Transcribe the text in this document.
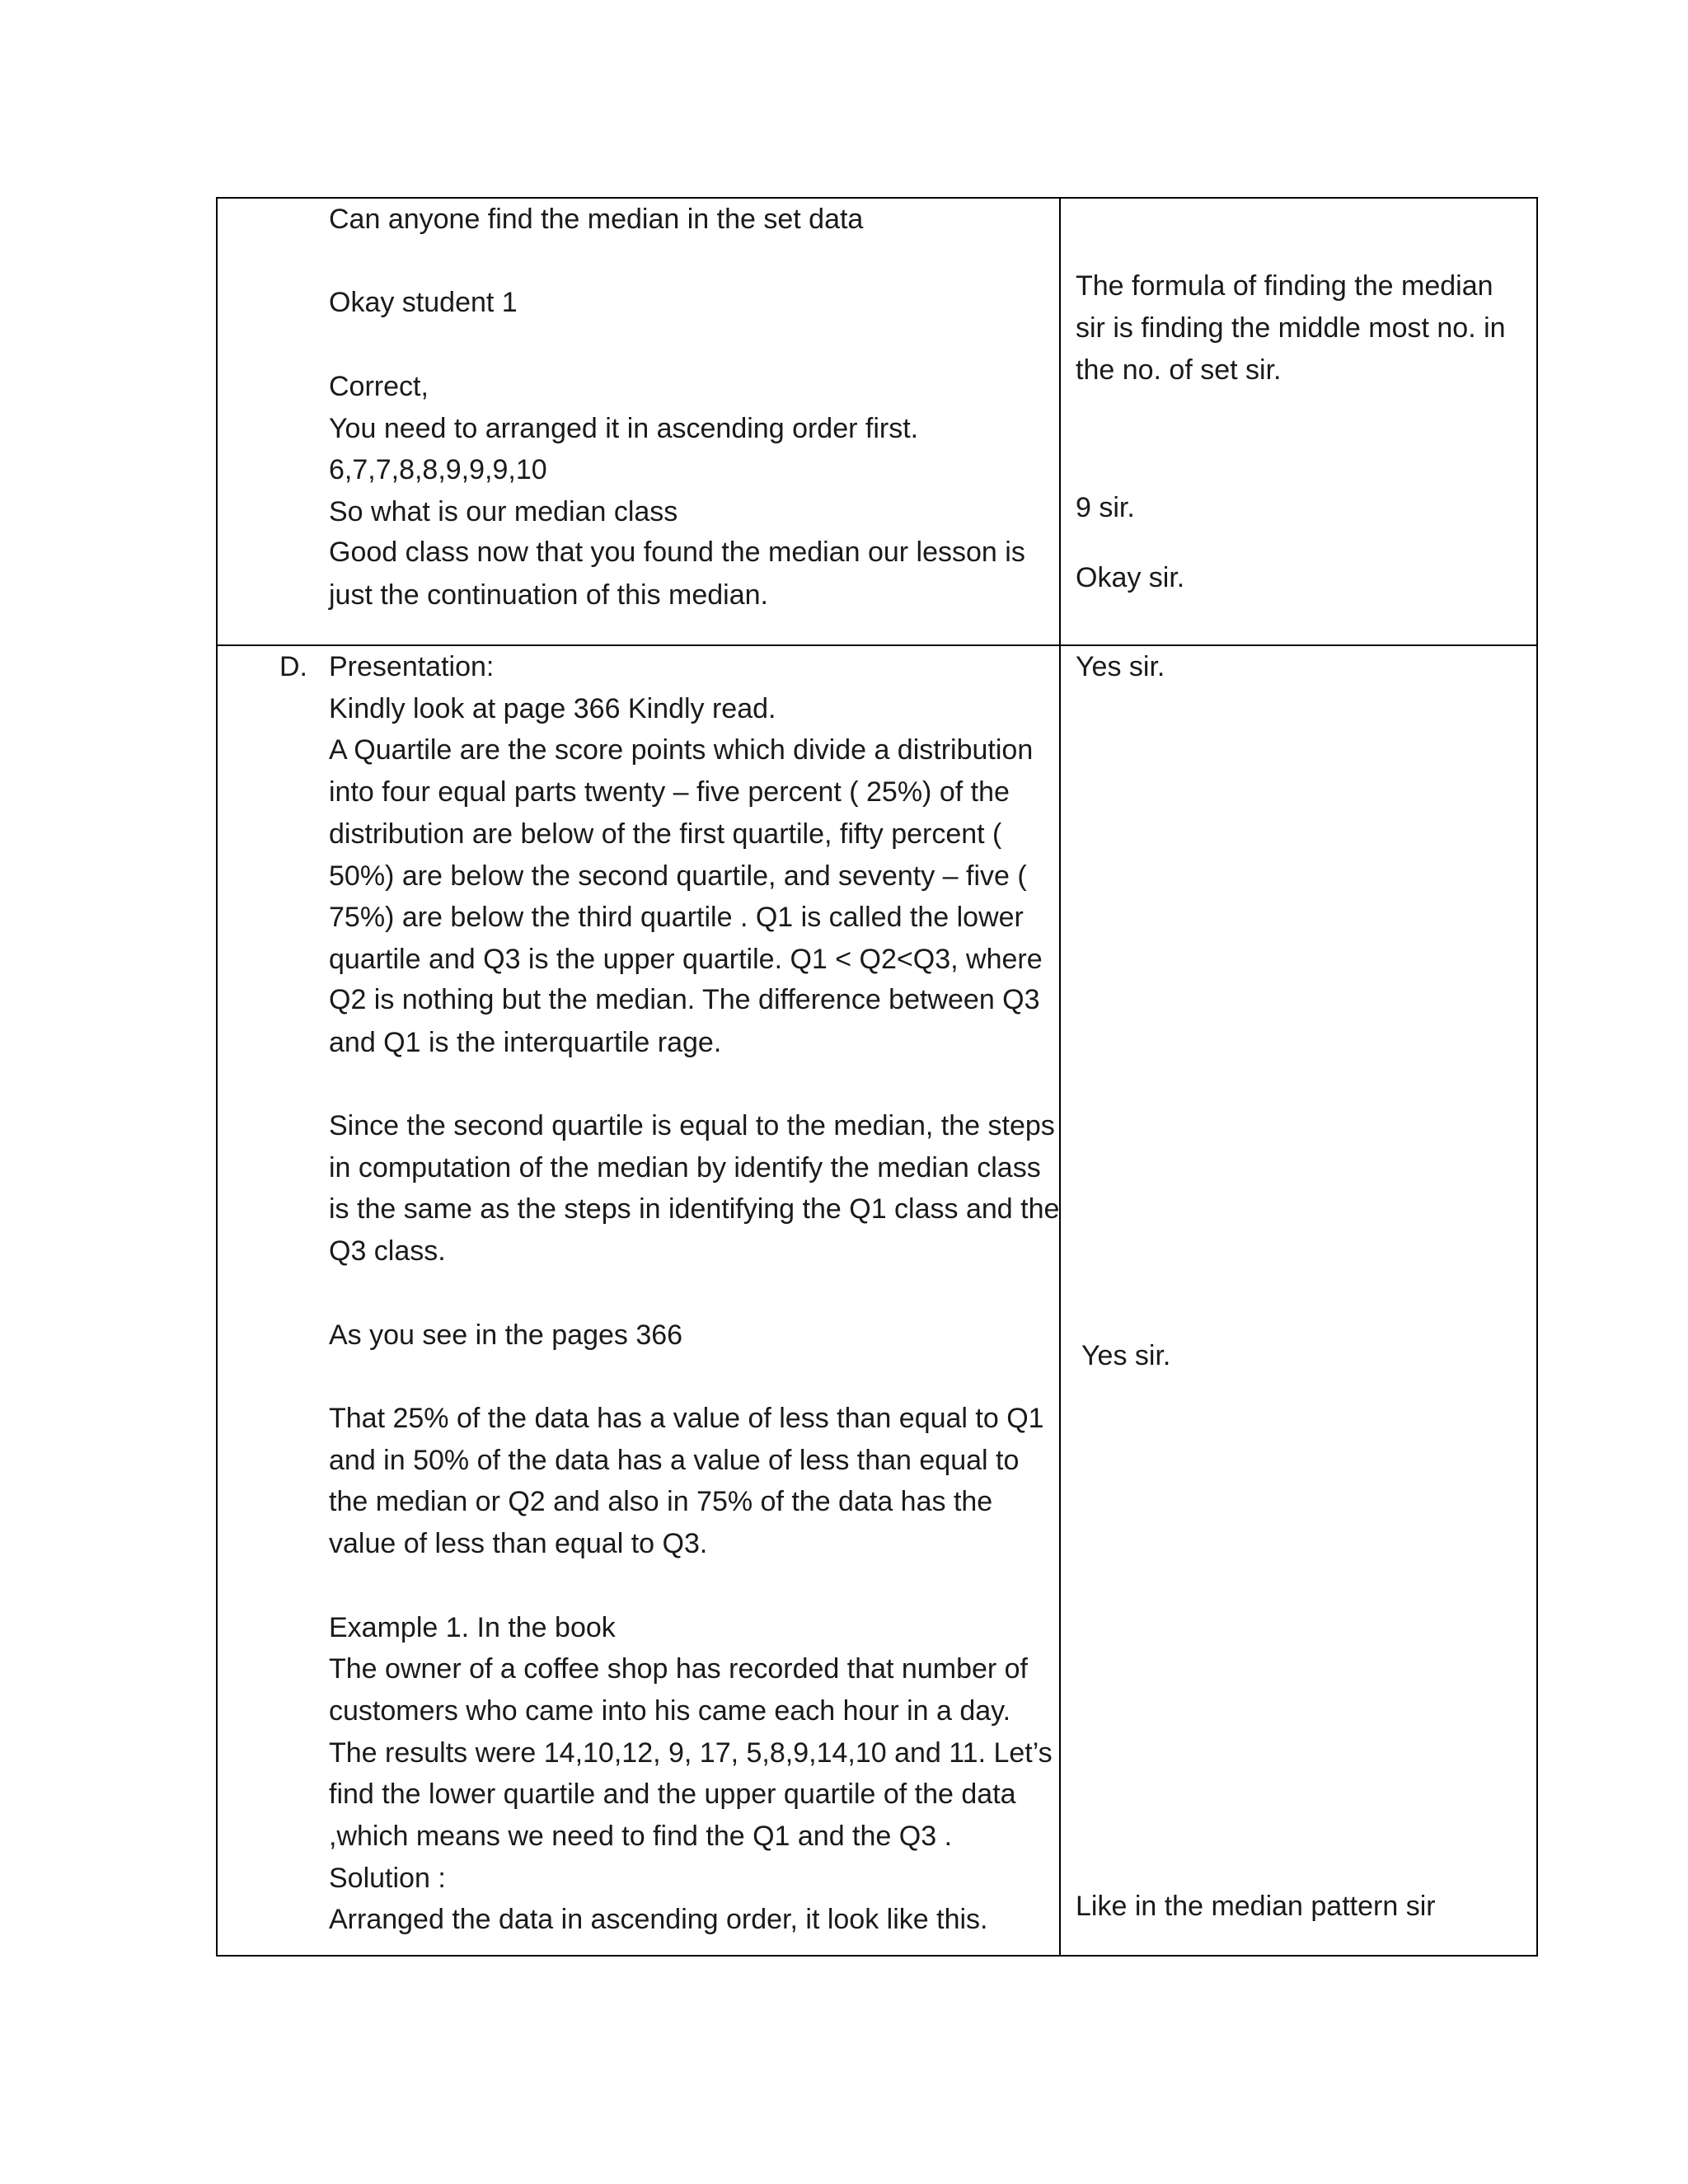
Can anyone find the median in the set data

Okay student 1

Correct,

You need to arranged it in ascending order first.

6,7,7,8,8,9,9,9,10

So what is our median class

Good class now that you found the median our lesson is

just the continuation of this median.

The formula of finding the median

sir is finding the middle most no. in

the no. of set sir.

9 sir.

Okay sir.

D. Presentation:

Kindly look at page 366 Kindly read.

A Quartile are the score points which divide a distribution

into four equal parts twenty – five percent ( 25%) of the

distribution are below of the first quartile, fifty percent (

50%) are below the second quartile, and seventy – five (

75%) are below the third quartile . Q1 is called the lower

quartile and Q3 is the upper quartile. Q1 < Q2<Q3, where

Q2 is nothing but the median. The difference between Q3

and Q1 is the interquartile rage.

Since the second quartile is equal to the median, the steps

in computation of the median by identify the median class

is the same as the steps in identifying the Q1 class and the

Q3 class.

As you see in the pages 366

That 25% of the data has a value of less than equal to Q1

and in 50% of the data has a value of less than equal to

the median or Q2 and also in 75% of the data has the

value of less than equal to Q3.

Example 1. In the book

The owner of a coffee shop has recorded that number of

customers who came into his came each hour in a day.

The results were 14,10,12, 9, 17, 5,8,9,14,10 and 11. Let’s

find the lower quartile and the upper quartile of the data

,which means we need to find the Q1 and the Q3 .

Solution :

Arranged the data in ascending order, it look like this.

Yes sir.

Yes sir.

Like in the median pattern sir
